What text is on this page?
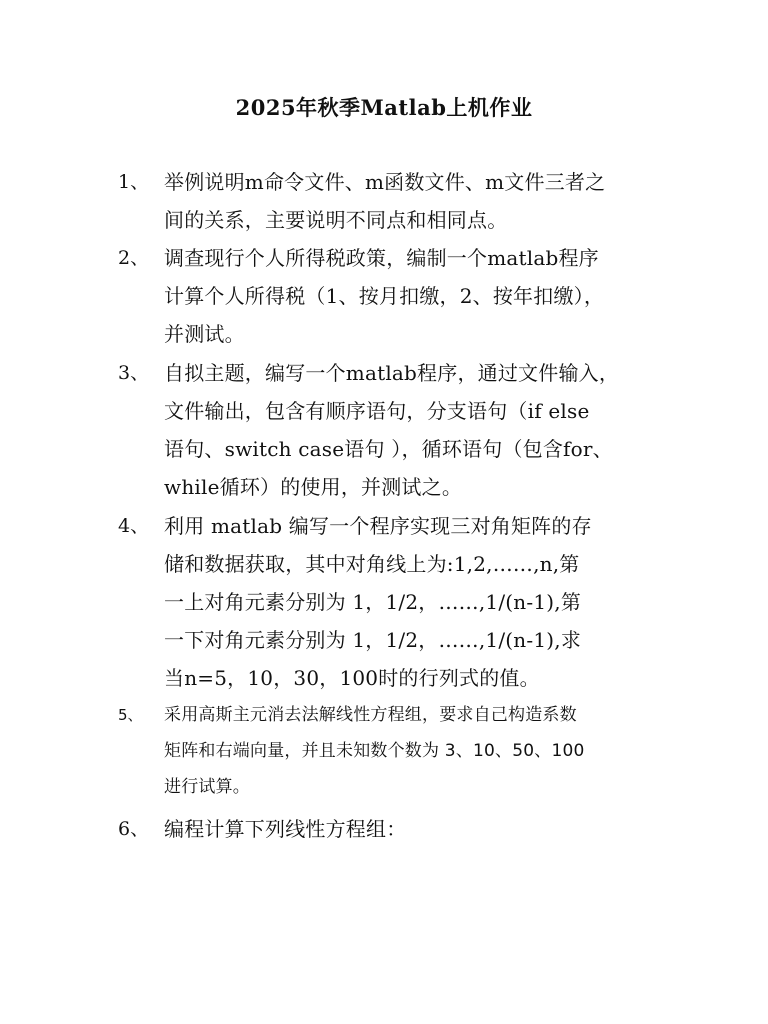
2025年秋季Matlab上机作业
1、 举例说明m命令文件、m函数文件、m文件三者之
间的关系，主要说明不同点和相同点。
2、 调查现行个人所得税政策，编制一个matlab程序
计算个人所得税（1、按月扣缴，2、按年扣缴），
并测试。
3、 自拟主题，编写一个matlab程序，通过文件输入，
文件输出，包含有顺序语句，分支语句（if else
语句、switch case语句 ），循环语句（包含for、
while循环）的使用，并测试之。
4、 利用 matlab 编写一个程序实现三对角矩阵的存
储和数据获取，其中对角线上为:1,2,……,n,第
一上对角元素分别为 1，1/2，……,1/(n-1),第
一下对角元素分别为 1，1/2，……,1/(n-1),求
当n=5，10，30，100时的行列式的值。
5、	采用高斯主元消去法解线性方程组，要求自己构造系数
矩阵和右端向量，并且未知数个数为 3、10、50、100
进行试算。
6、 编程计算下列线性方程组：
